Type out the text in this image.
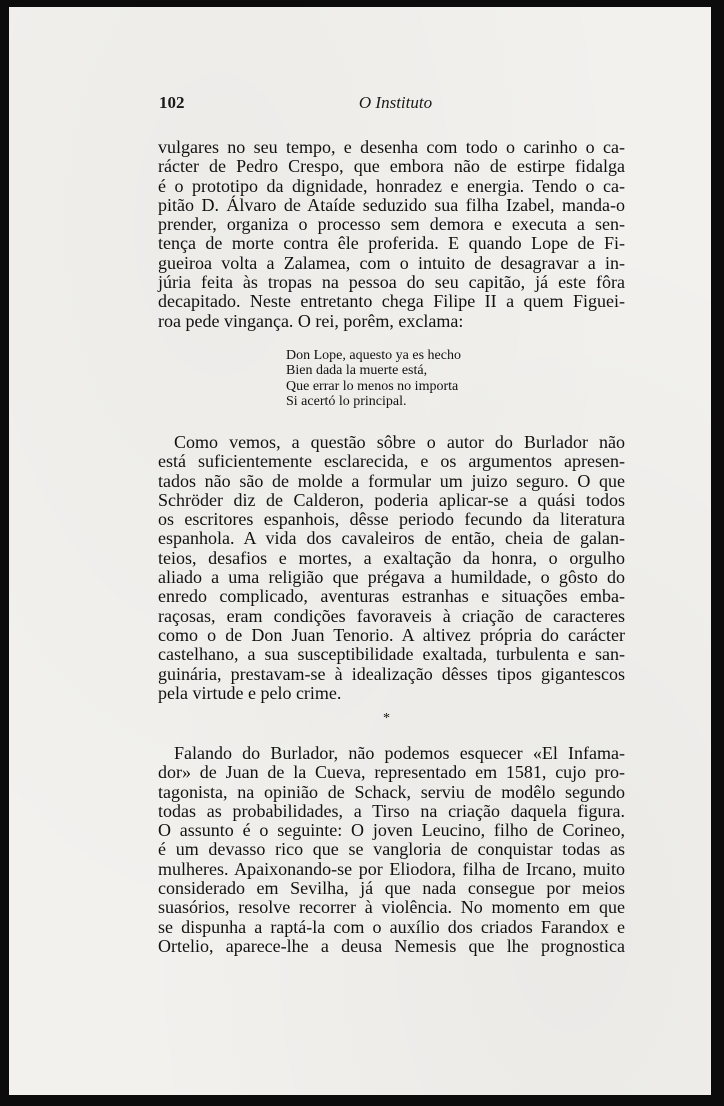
102	O Instituto
vulgares no seu tempo, e desenha com todo o carinho o ca-
rácter de Pedro Crespo, que embora não de estirpe fidalga
é o prototipo da dignidade, honradez e energia. Tendo o ca-
pitão D. Álvaro de Ataíde seduzido sua filha Izabel, manda-o
prender, organiza o processo sem demora e executa a sen-
tença de morte contra êle proferida. E quando Lope de Fi-
gueiroa volta a Zalamea, com o intuito de desagravar a in-
júria feita às tropas na pessoa do seu capitão, já este fôra
decapitado. Neste entretanto chega Filipe II a quem Figuei-
roa pede vingança. O rei, porêm, exclama:
Don Lope, aquesto ya es hecho
Bien dada la muerte está,
Que errar lo menos no importa
Si acertó lo principal.
Como vemos, a questão sôbre o autor do Burlador não
está suficientemente esclarecida, e os argumentos apresen-
tados não são de molde a formular um juizo seguro. O que
Schröder diz de Calderon, poderia aplicar-se a quási todos
os escritores espanhois, dêsse periodo fecundo da literatura
espanhola. A vida dos cavaleiros de então, cheia de galan-
teios, desafios e mortes, a exaltação da honra, o orgulho
aliado a uma religião que prégava a humildade, o gôsto do
enredo complicado, aventuras estranhas e situações emba-
raçosas, eram condições favoraveis à criação de caracteres
como o de Don Juan Tenorio. A altivez própria do carácter
castelhano, a sua susceptibilidade exaltada, turbulenta e san-
guinária, prestavam-se à idealização dêsses tipos gigantescos
pela virtude e pelo crime.
*
Falando do Burlador, não podemos esquecer «El Infama-
dor» de Juan de la Cueva, representado em 1581, cujo pro-
tagonista, na opinião de Schack, serviu de modêlo segundo
todas as probabilidades, a Tirso na criação daquela figura.
O assunto é o seguinte: O joven Leucino, filho de Corineo,
é um devasso rico que se vangloria de conquistar todas as
mulheres. Apaixonando-se por Eliodora, filha de Ircano, muito
considerado em Sevilha, já que nada consegue por meios
suasórios, resolve recorrer à violência. No momento em que
se dispunha a raptá-la com o auxílio dos criados Farandox e
Ortelio, aparece-lhe a deusa Nemesis que lhe prognostica
